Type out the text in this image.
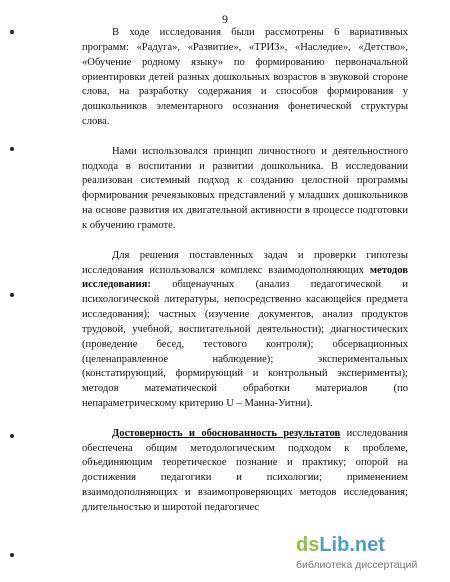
9

В ходе исследования были рассмотрены 6 вариативных программ: «Радуга», «Развитие», «ТРИЗ», «Наследие», «Детство», «Обучение родному языку» по формированию первоначальной ориентировки детей разных дошкольных возрастов в звуковой стороне слова, на разработку содержания и способов формирования у дошкольников элементарного осознания фонетической структуры слова.

Нами использовался принцип личностного и деятельностного подхода в воспитании и развитии дошкольника. В исследовании реализован системный подход к созданию целостной программы формирования речеязыковых представлений у младших дошкольников на основе развития их двигательной активности в процессе подготовки к обучению грамоте.

Для решения поставленных задач и проверки гипотезы исследования использовался комплекс взаимодополняющих методов исследования: общенаучных (анализ педагогической и психологической литературы, непосредственно касающейся предмета исследования); частных (изучение документов, анализ продуктов трудовой, учебной, воспитательной деятельности); диагностических (проведение бесед, тестового контроля); обсервационных (целенаправленное наблюдение); экспериментальных (констатирующий, формирующий и контрольный эксперименты); методов математической обработки материалов (по непараметрическому критерию U – Манна-Уитни).

Достоверность и обоснованность результатов исследования обеспечена общим методологическим подходом к проблеме, объединяющим теоретическое познание и практику; опорой на достижения педагогики и психологии; применением взаимодополняющих и взаимопроверяющих методов исследования; длительностью и широтой педагогичес

dsLib.net
библиотека диссертаций
